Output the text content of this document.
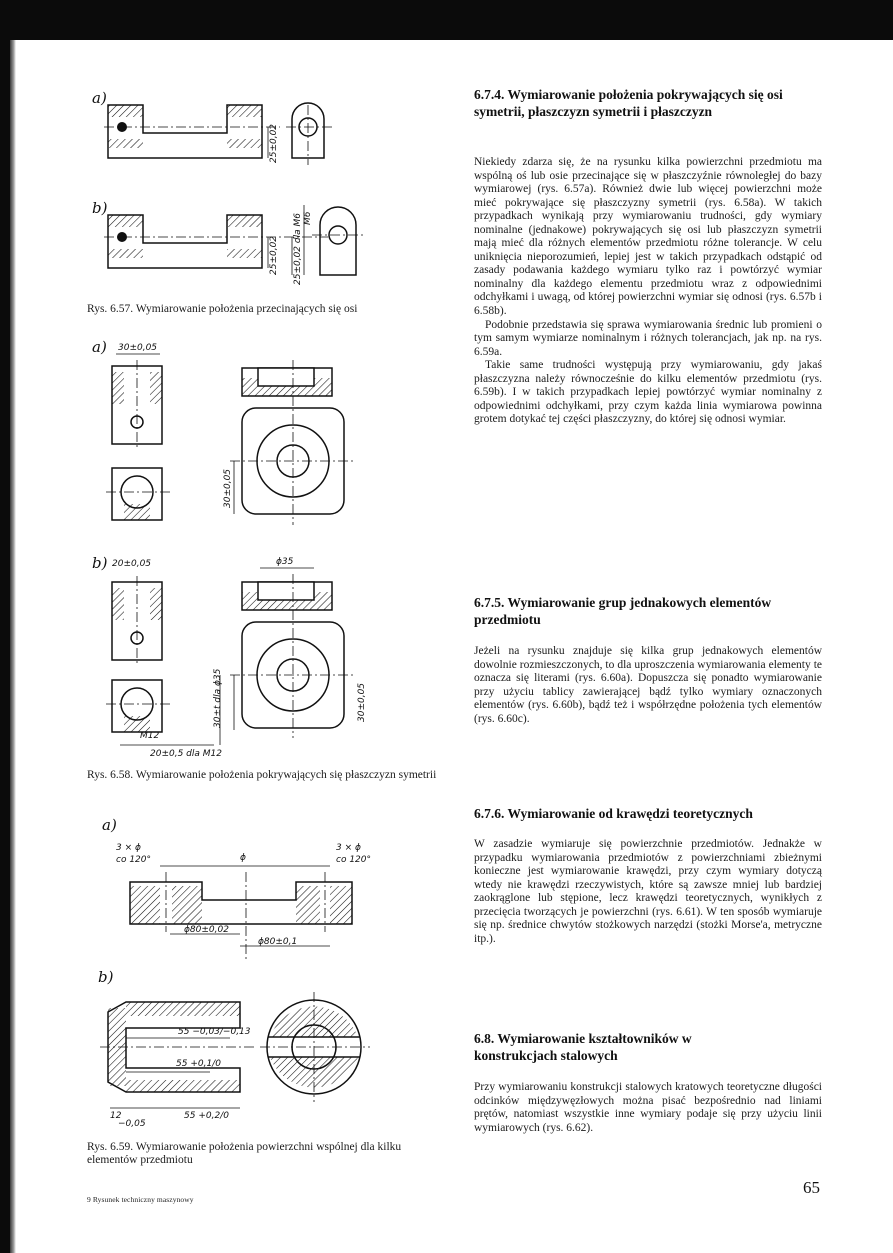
a)
25±0,02
b)
25±0,02 25±0,02 dla M6 M6
Rys. 6.57. Wymiarowanie położenia przecinających się osi
a) 30±0,05
30±0,05
b) 20±0,05	ϕ35
M12
20±0,5 dla M12
30±t dla ϕ35	30±0,05
Rys. 6.58. Wymiarowanie położenia pokrywających się płaszczyzn symetrii
a)
3 × ϕ
co 120°
3 × ϕ
co 120°
ϕ
ϕ80±0,02
ϕ80±0,1
b)
55 −0,03/−0,13
55 +0,1/0
55 +0,2/0
12
−0,05
Rys. 6.59. Wymiarowanie położenia powierzchni wspólnej dla kilku elementów przedmiotu
9 Rysunek techniczny maszynowy
6.7.4. Wymiarowanie położenia pokrywających się osi symetrii, płaszczyzn symetrii i płaszczyzn

Niekiedy zdarza się, że na rysunku kilka powierzchni przedmiotu ma wspólną oś lub osie przecinające się w płaszczyźnie równoległej do bazy wymiarowej (rys. 6.57a). Również dwie lub więcej powierzchni może mieć pokrywające się płaszczyzny symetrii (rys. 6.58a). W takich przypadkach wynikają przy wymiarowaniu trudności, gdy wymiary nominalne (jednakowe) pokrywających się osi lub płaszczyzn symetrii mają mieć dla różnych elementów przedmiotu różne tolerancje. W celu uniknięcia nieporozumień, lepiej jest w takich przypadkach odstąpić od zasady podawania każdego wymiaru tylko raz i powtórzyć wymiar nominalny dla każdego elementu przedmiotu wraz z odpowiednimi odchyłkami i uwagą, od której powierzchni wymiar się odnosi (rys. 6.57b i 6.58b).

Podobnie przedstawia się sprawa wymiarowania średnic lub promieni o tym samym wymiarze nominalnym i różnych tolerancjach, jak np. na rys. 6.59a.

Takie same trudności występują przy wymiarowaniu, gdy jakaś płaszczyzna należy równocześnie do kilku elementów przedmiotu (rys. 6.59b). I w takich przypadkach lepiej powtórzyć wymiar nominalny z odpowiednimi odchyłkami, przy czym każda linia wymiarowa powinna grotem dotykać tej części płaszczyzny, do której się odnosi wymiar.

6.7.5. Wymiarowanie grup jednakowych elementów przedmiotu

Jeżeli na rysunku znajduje się kilka grup jednakowych elementów dowolnie rozmieszczonych, to dla uproszczenia wymiarowania elementy te oznacza się literami (rys. 6.60a). Dopuszcza się ponadto wymiarowanie przy użyciu tablicy zawierającej bądź tylko wymiary oznaczonych elementów (rys. 6.60b), bądź też i współrzędne położenia tych elementów (rys. 6.60c).

6.7.6. Wymiarowanie od krawędzi teoretycznych

W zasadzie wymiaruje się powierzchnie przedmiotów. Jednakże w przypadku wymiarowania przedmiotów z powierzchniami zbieżnymi konieczne jest wymiarowanie krawędzi, przy czym wymiary dotyczą wtedy nie krawędzi rzeczywistych, które są zawsze mniej lub bardziej zaokrąglone lub stępione, lecz krawędzi teoretycznych, wynikłych z przecięcia tworzących je powierzchni (rys. 6.61). W ten sposób wymiaruje się np. średnice chwytów stożkowych narzędzi (stożki Morse'a, metryczne itp.).

6.8. Wymiarowanie kształtowników w konstrukcjach stalowych

Przy wymiarowaniu konstrukcji stalowych kratowych teoretyczne długości odcinków międzywęzłowych można pisać bezpośrednio nad liniami prętów, natomiast wszystkie inne wymiary podaje się przy użyciu linii wymiarowych (rys. 6.62).

65
